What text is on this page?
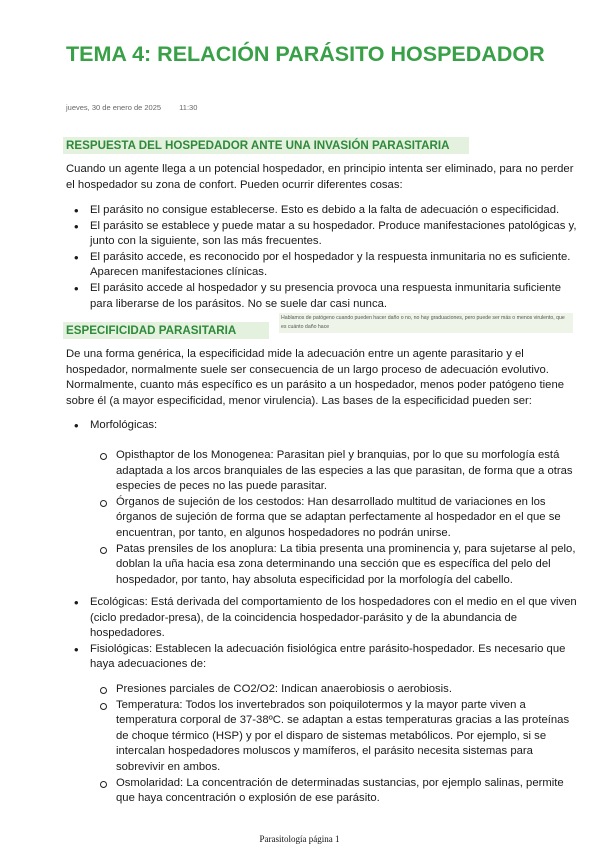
TEMA 4: RELACIÓN PARÁSITO HOSPEDADOR
jueves, 30 de enero de 2025 11:30
RESPUESTA DEL HOSPEDADOR ANTE UNA INVASIÓN PARASITARIA

Cuando un agente llega a un potencial hospedador, en principio intenta ser eliminado, para no perder el hospedador su zona de confort. Pueden ocurrir diferentes cosas:

• El parásito no consigue establecerse. Esto es debido a la falta de adecuación o especificidad.
• El parásito se establece y puede matar a su hospedador. Produce manifestaciones patológicas y, junto con la siguiente, son las más frecuentes.
• El parásito accede, es reconocido por el hospedador y la respuesta inmunitaria no es suficiente. Aparecen manifestaciones clínicas.
• El parásito accede al hospedador y su presencia provoca una respuesta inmunitaria suficiente para liberarse de los parásitos. No se suele dar casi nunca.
ESPECIFICIDAD PARASITARIA
Hablamos de patógeno cuando pueden hacer daño o no, no hay graduaciones, pero puede ser más o menos virulento, que es cuánto daño hace

De una forma genérica, la especificidad mide la adecuación entre un agente parasitario y el hospedador, normalmente suele ser consecuencia de un largo proceso de adecuación evolutivo. Normalmente, cuanto más específico es un parásito a un hospedador, menos poder patógeno tiene sobre él (a mayor especificidad, menor virulencia). Las bases de la especificidad pueden ser:

• Morfológicas:
Opisthaptor de los Monogenea: Parasitan piel y branquias, por lo que su morfología está adaptada a los arcos branquiales de las especies a las que parasitan, de forma que a otras especies de peces no las puede parasitar.
Órganos de sujeción de los cestodos: Han desarrollado multitud de variaciones en los órganos de sujeción de forma que se adaptan perfectamente al hospedador en el que se encuentran, por tanto, en algunos hospedadores no podrán unirse.
Patas prensiles de los anoplura: La tibia presenta una prominencia y, para sujetarse al pelo, doblan la uña hacia esa zona determinando una sección que es específica del pelo del hospedador, por tanto, hay absoluta especificidad por la morfología del cabello.
• Ecológicas: Está derivada del comportamiento de los hospedadores con el medio en el que viven (ciclo predador-presa), de la coincidencia hospedador-parásito y de la abundancia de hospedadores.
• Fisiológicas: Establecen la adecuación fisiológica entre parásito-hospedador. Es necesario que haya adecuaciones de:
Presiones parciales de CO2/O2: Indican anaerobiosis o aerobiosis.
Temperatura: Todos los invertebrados son poiquilotermos y la mayor parte viven a temperatura corporal de 37-38ºC. se adaptan a estas temperaturas gracias a las proteínas de choque térmico (HSP) y por el disparo de sistemas metabólicos. Por ejemplo, si se intercalan hospedadores moluscos y mamíferos, el parásito necesita sistemas para sobrevivir en ambos.
Osmolaridad: La concentración de determinadas sustancias, por ejemplo salinas, permite que haya concentración o explosión de ese parásito.
Parasitología página 1
